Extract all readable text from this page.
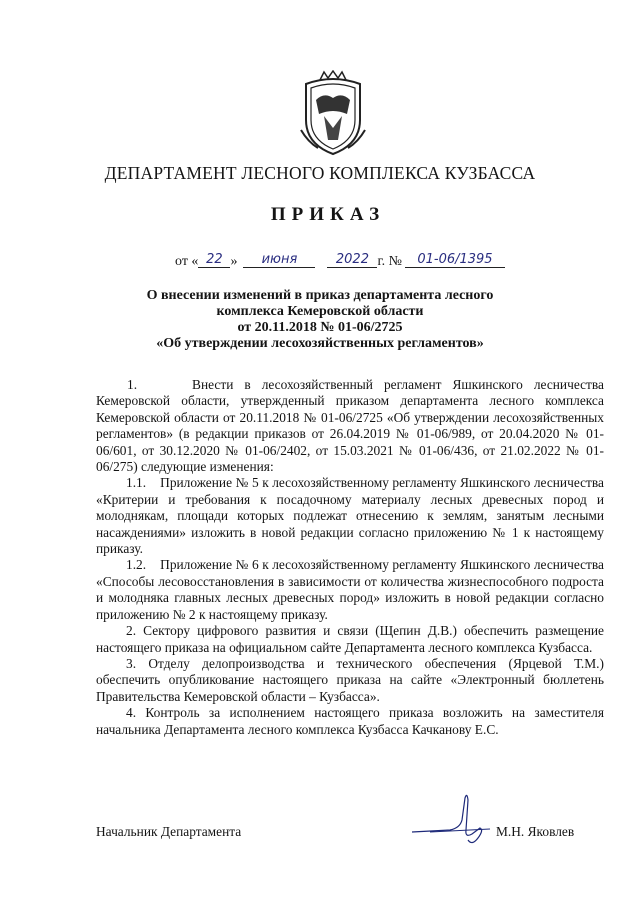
ДЕПАРТАМЕНТ ЛЕСНОГО КОМПЛЕКСА КУЗБАССА
ПРИКАЗ
от « 22 » июня	2022 г. № 01-06/1395
О внесении изменений в приказ департамента лесного
комплекса Кемеровской области
от 20.11.2018 № 01-06/2725
«Об утверждении лесохозяйственных регламентов»

1.     Внести в лесохозяйственный регламент Яшкинского лесничества Кемеровской области, утвержденный приказом департамента лесного комплекса Кемеровской области от 20.11.2018 № 01-06/2725 «Об утверждении лесохозяйственных регламентов» (в редакции приказов от 26.04.2019 № 01-06/989, от 20.04.2020 № 01-06/601, от 30.12.2020 № 01-06/2402, от 15.03.2021 № 01-06/436, от 21.02.2022 № 01-06/275) следующие изменения:

1.1.    Приложение № 5 к лесохозяйственному регламенту Яшкинского лесничества «Критерии и требования к посадочному материалу лесных древесных пород и молоднякам, площади которых подлежат отнесению к землям, занятым лесными насаждениями» изложить в новой редакции согласно приложению № 1 к настоящему приказу.

1.2.    Приложение № 6 к лесохозяйственному регламенту Яшкинского лесничества «Способы лесовосстановления в зависимости от количества жизнеспособного подроста и молодняка главных лесных древесных пород» изложить в новой редакции согласно приложению № 2 к настоящему приказу.

2. Сектору цифрового развития и связи (Щепин Д.В.) обеспечить размещение настоящего приказа на официальном сайте Департамента лесного комплекса Кузбасса.

3. Отделу делопроизводства и технического обеспечения (Ярцевой Т.М.) обеспечить опубликование настоящего приказа на сайте «Электронный бюллетень Правительства Кемеровской области – Кузбасса».

4. Контроль за исполнением настоящего приказа возложить на заместителя начальника Департамента лесного комплекса Кузбасса Качканову Е.С.

Начальник Департамента	М.Н. Яковлев
